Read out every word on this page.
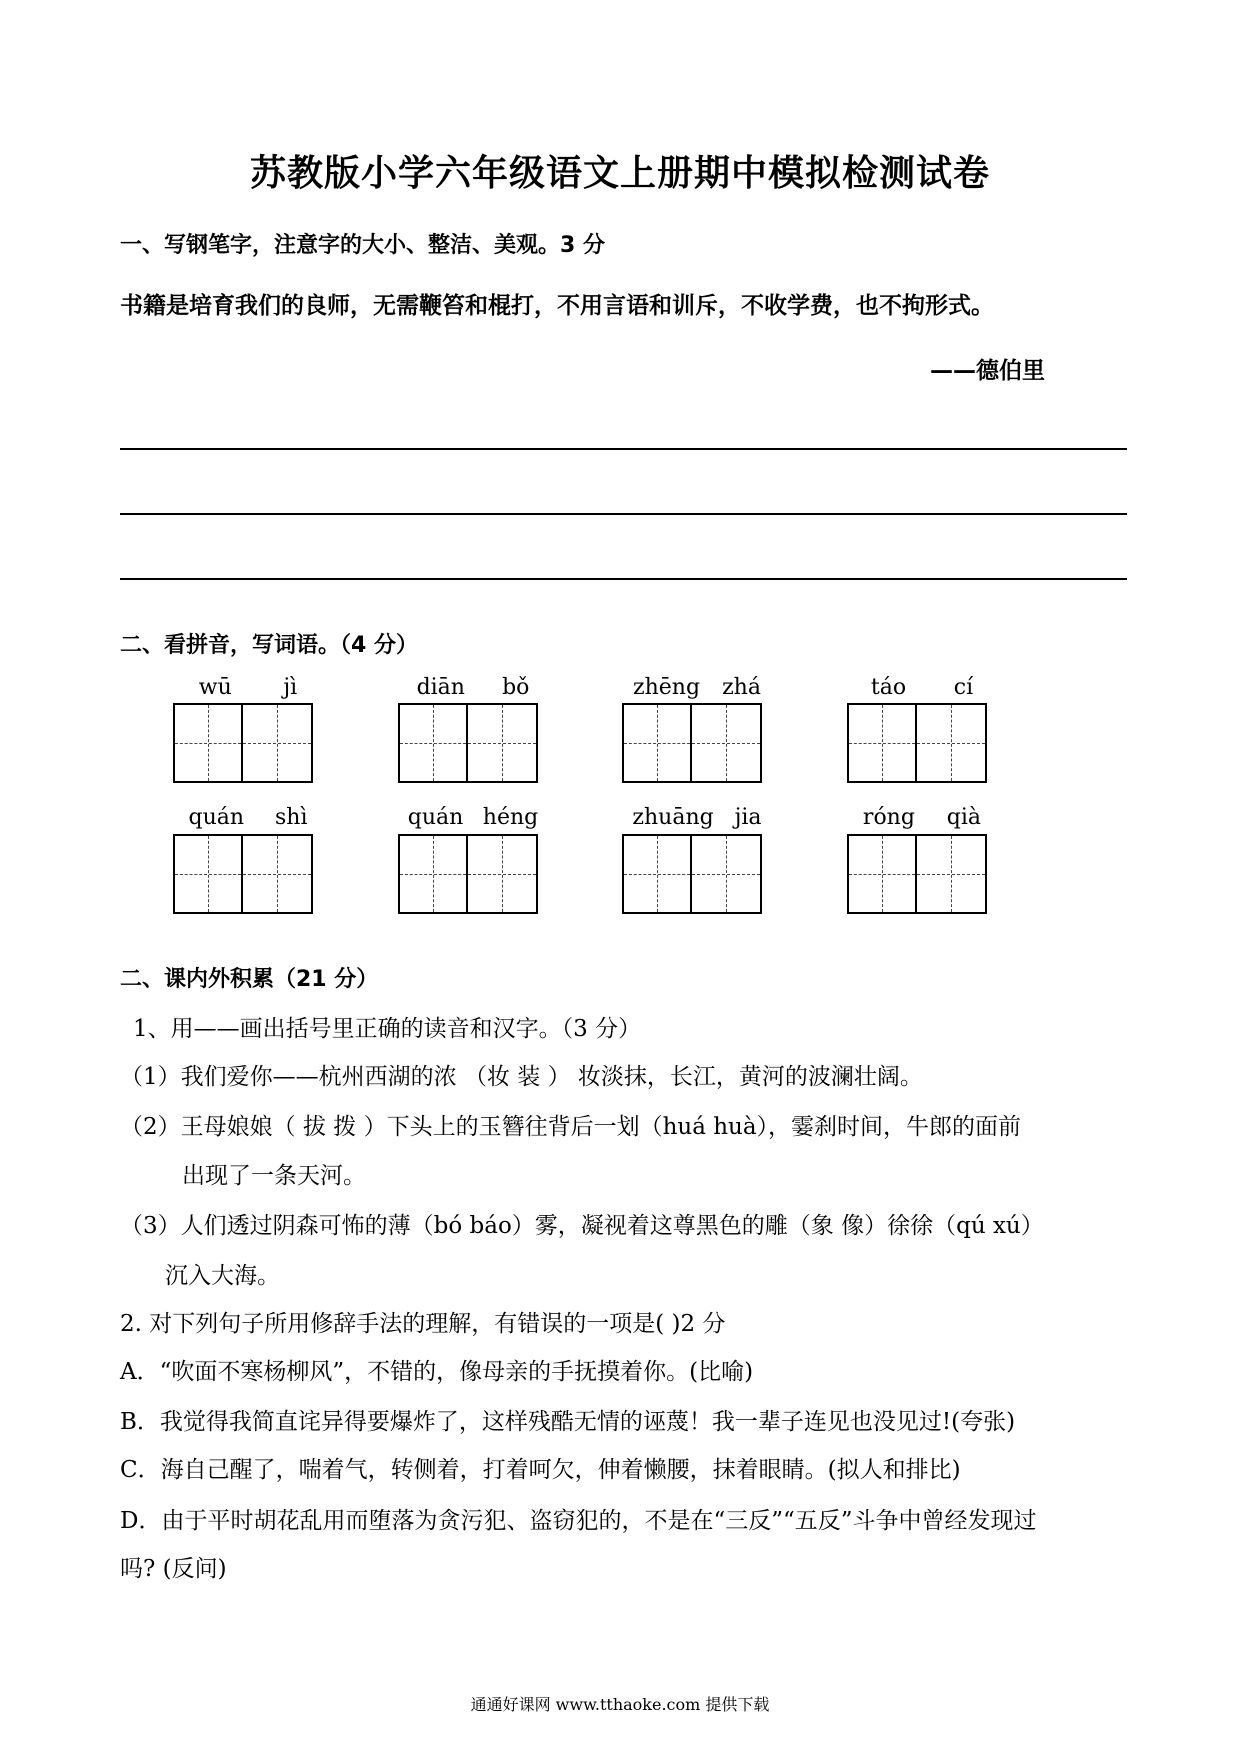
苏教版小学六年级语文上册期中模拟检测试卷
一、写钢笔字，注意字的大小、整洁、美观。3 分
书籍是培育我们的良师，无需鞭笞和棍打，不用言语和训斥，不收学费，也不拘形式。
——德伯里
二、看拼音，写词语。（4 分）
wū jì	diān bǒ	zhēng zhá	táo cí
quán shì	quán héng	zhuāng jia	róng qià
二、课内外积累（21 分）
1、用——画出括号里正确的读音和汉字。（3 分）
（1）我们爱你——杭州西湖的浓 （妆 装 ） 妆淡抹，长江，黄河的波澜壮阔。
（2）王母娘娘（ 拔 拨 ）下头上的玉簪往背后一划（huá huà），霎刹时间，牛郎的面前
出现了一条天河。
（3）人们透过阴森可怖的薄（bó báo）雾，凝视着这尊黑色的雕（象 像）徐徐（qú xú）
沉入大海。
2. 对下列句子所用修辞手法的理解，有错误的一项是( )2 分
A．“吹面不寒杨柳风”，不错的，像母亲的手抚摸着你。(比喻)
B．我觉得我简直诧异得要爆炸了，这样残酷无情的诬蔑！我一辈子连见也没见过!(夸张)
C．海自己醒了，喘着气，转侧着，打着呵欠，伸着懒腰，抹着眼睛。(拟人和排比)
D．由于平时胡花乱用而堕落为贪污犯、盗窃犯的，不是在“三反”“五反”斗争中曾经发现过
吗? (反问)
通通好课网 www.tthaoke.com 提供下载
